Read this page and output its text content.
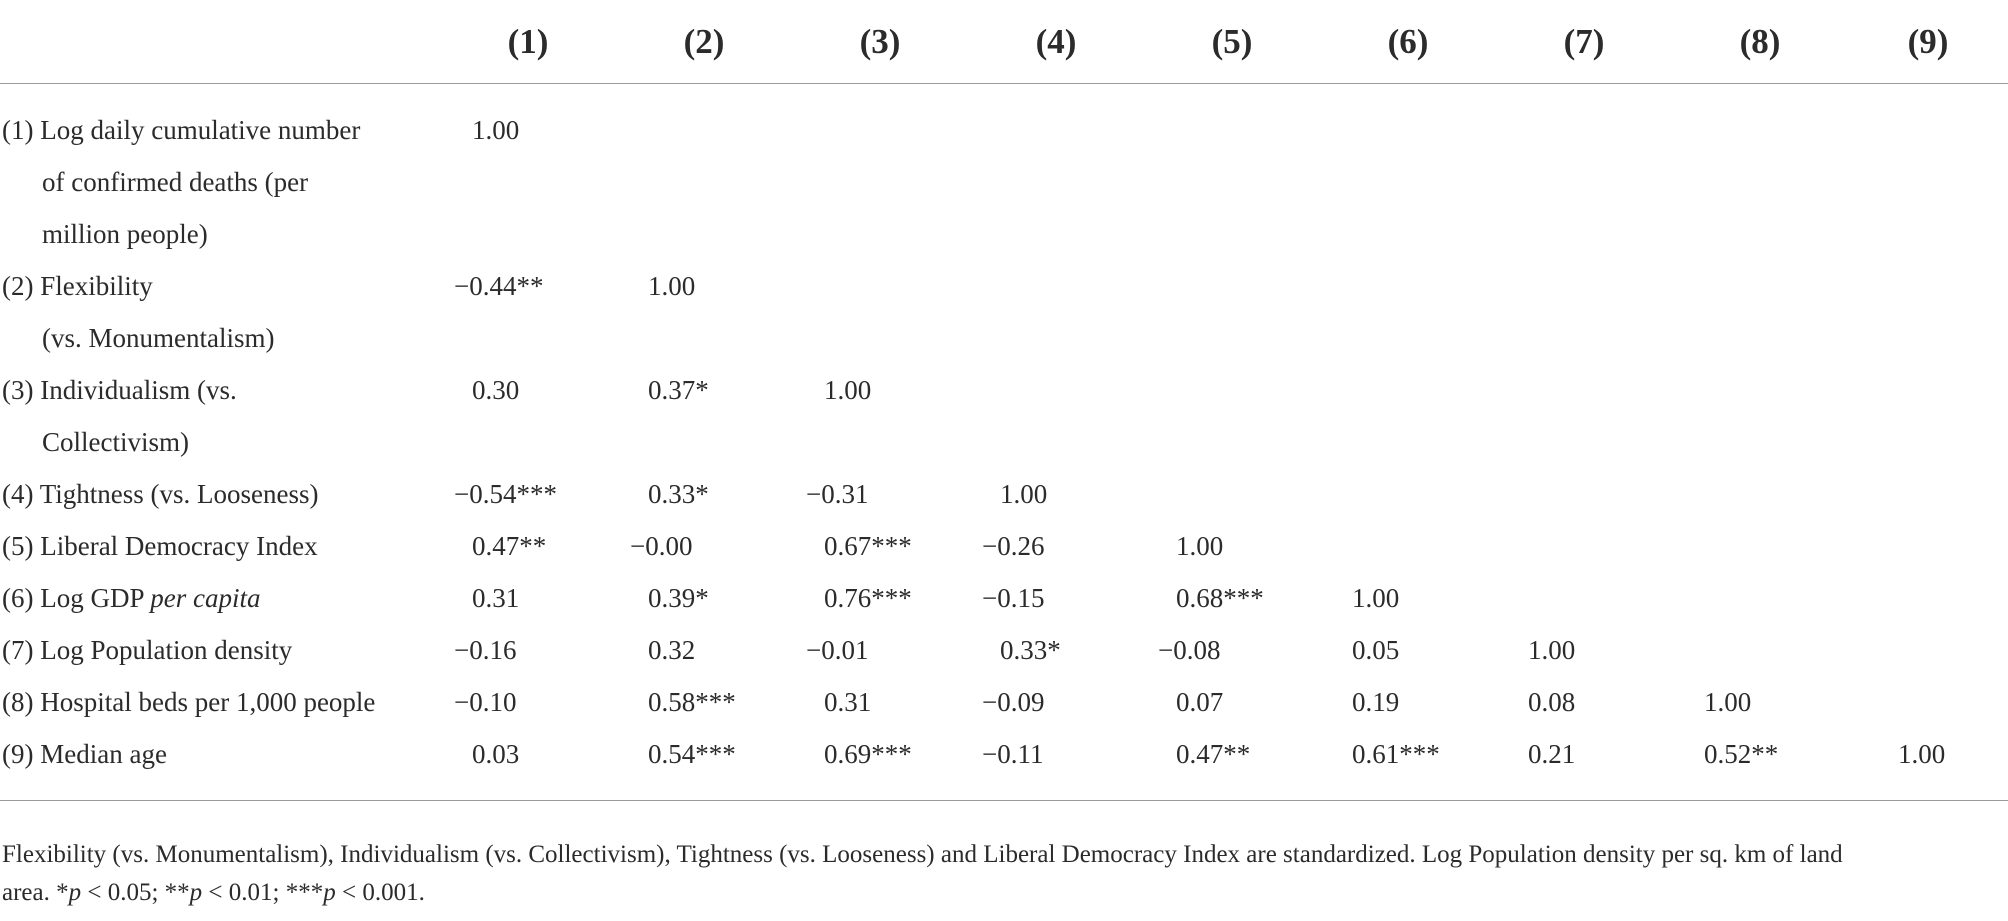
	(1)	(2)	(3)	(4)	(5)	(6)	(7)	(8)	(9)

(1) Log daily cumulative number
of confirmed deaths (per
million people)	1.00								

(2) Flexibility
(vs. Monumentalism)	−0.44**	1.00							

(3) Individualism (vs.
Collectivism)	0.30	0.37*	1.00						

(4) Tightness (vs. Looseness)	−0.54***	0.33*	−0.31	1.00					

(5) Liberal Democracy Index	0.47**	−0.00	0.67***	−0.26	1.00				

(6) Log GDP per capita	0.31	0.39*	0.76***	−0.15	0.68***	1.00			

(7) Log Population density	−0.16	0.32	−0.01	0.33*	−0.08	0.05	1.00		

(8) Hospital beds per 1,000 people	−0.10	0.58***	0.31	−0.09	0.07	0.19	0.08	1.00	

(9) Median age	0.03	0.54***	0.69***	−0.11	0.47**	0.61***	0.21	0.52**	1.00
Flexibility (vs. Monumentalism), Individualism (vs. Collectivism), Tightness (vs. Looseness) and Liberal Democracy Index are standardized. Log Population density per sq. km of land
area. *p < 0.05; **p < 0.01; ***p < 0.001.
